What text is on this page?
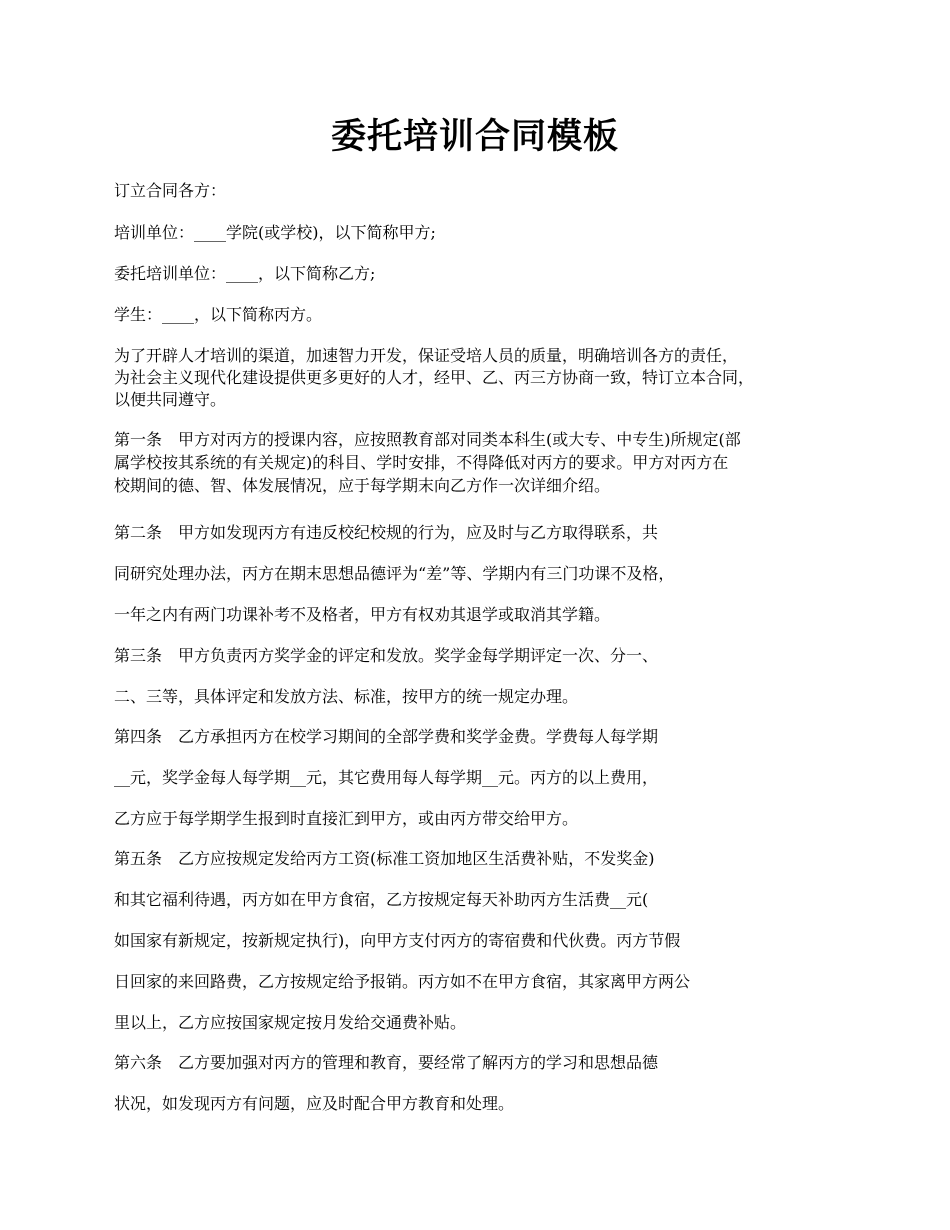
委托培训合同模板

订立合同各方：

培训单位：____学院(或学校)，以下简称甲方;

委托培训单位：____，以下简称乙方;

学生：____，以下简称丙方。

为了开辟人才培训的渠道，加速智力开发，保证受培人员的质量，明确培训各方的责任，
为社会主义现代化建设提供更多更好的人才，经甲、乙、丙三方协商一致，特订立本合同，
以便共同遵守。
第一条　甲方对丙方的授课内容，应按照教育部对同类本科生(或大专、中专生)所规定(部
属学校按其系统的有关规定)的科目、学时安排，不得降低对丙方的要求。甲方对丙方在
校期间的德、智、体发展情况，应于每学期末向乙方作一次详细介绍。
第二条　甲方如发现丙方有违反校纪校规的行为，应及时与乙方取得联系，共
同研究处理办法，丙方在期末思想品德评为“差”等、学期内有三门功课不及格，
一年之内有两门功课补考不及格者，甲方有权劝其退学或取消其学籍。
第三条　甲方负责丙方奖学金的评定和发放。奖学金每学期评定一次、分一、
二、三等，具体评定和发放方法、标准，按甲方的统一规定办理。
第四条　乙方承担丙方在校学习期间的全部学费和奖学金费。学费每人每学期
__元，奖学金每人每学期__元，其它费用每人每学期__元。丙方的以上费用，
乙方应于每学期学生报到时直接汇到甲方，或由丙方带交给甲方。
第五条　乙方应按规定发给丙方工资(标准工资加地区生活费补贴，不发奖金)
和其它福利待遇，丙方如在甲方食宿，乙方按规定每天补助丙方生活费__元(
如国家有新规定，按新规定执行)，向甲方支付丙方的寄宿费和代伙费。丙方节假
日回家的来回路费，乙方按规定给予报销。丙方如不在甲方食宿，其家离甲方两公
里以上，乙方应按国家规定按月发给交通费补贴。
第六条　乙方要加强对丙方的管理和教育，要经常了解丙方的学习和思想品德
状况，如发现丙方有问题，应及时配合甲方教育和处理。
